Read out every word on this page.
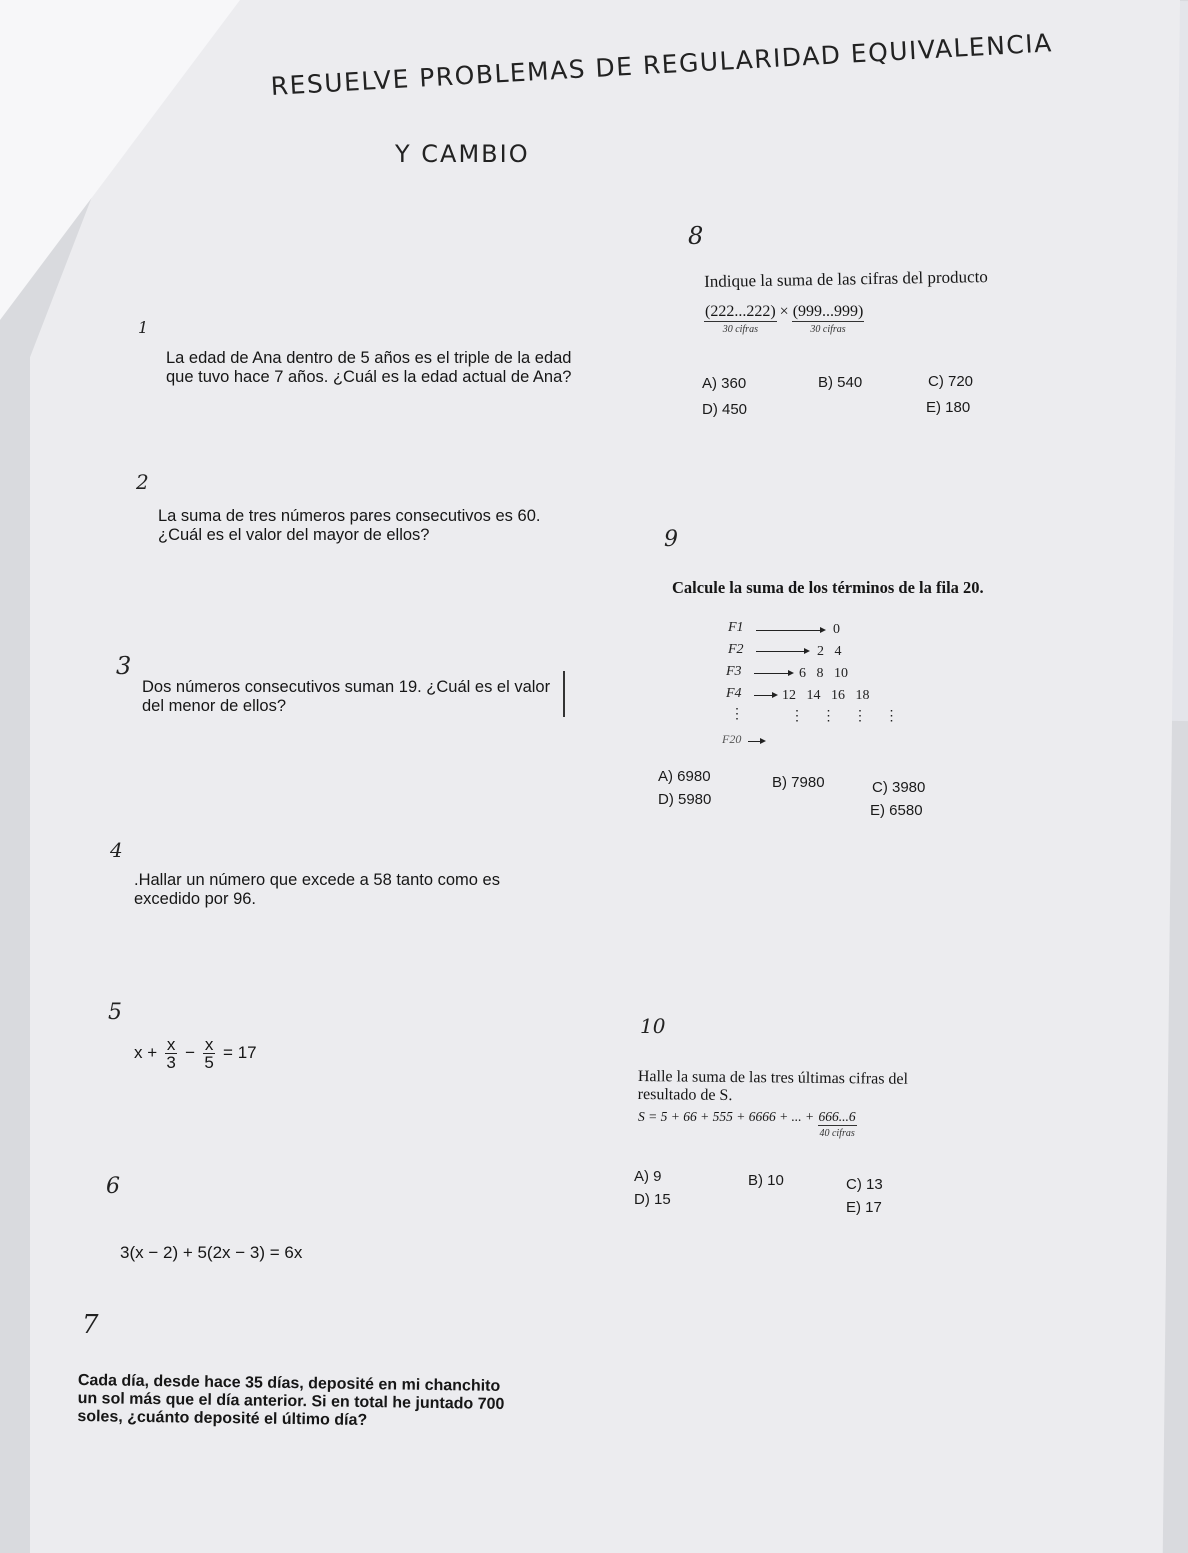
RESUELVE PROBLEMAS DE REGULARIDAD EQUIVALENCIA
Y CAMBIO
1
La edad de Ana dentro de 5 años es el triple de la edad que tuvo hace 7 años. ¿Cuál es la edad actual de Ana?
2
La suma de tres números pares consecutivos es 60. ¿Cuál es el valor del mayor de ellos?
3
Dos números consecutivos suman 19. ¿Cuál es el valor del menor de ellos?
4
.Hallar un número que excede a 58 tanto como es excedido por 96.
5
$x + \frac{x}{3} - \frac{x}{5} = 17$
6
3(x − 2) + 5(2x − 3) = 6x
7
Cada día, desde hace 35 días, deposité en mi chanchito un sol más que el día anterior. Si en total he juntado 700 soles, ¿cuánto deposité el último día?
8
Indique la suma de las cifras del producto
(222...222)
30 cifras
× (999...999)
30 cifras
A) 360	B) 540	C) 720
D) 450	E) 180
9
Calcule la suma de los términos de la fila 20.
F1	0
F2	2   4
F3	6   8   10
F4	12   14   16   18
⋮	⋮     ⋮     ⋮     ⋮
F20
A) 6980	B) 7980	C) 3980
D) 5980
E) 6580
10
Halle la suma de las tres últimas cifras del resultado de S.
S = 5 + 66 + 555 + 6666 + ... + 666...6
40 cifras
A) 9	B) 10	C) 13
D) 15	E) 17
